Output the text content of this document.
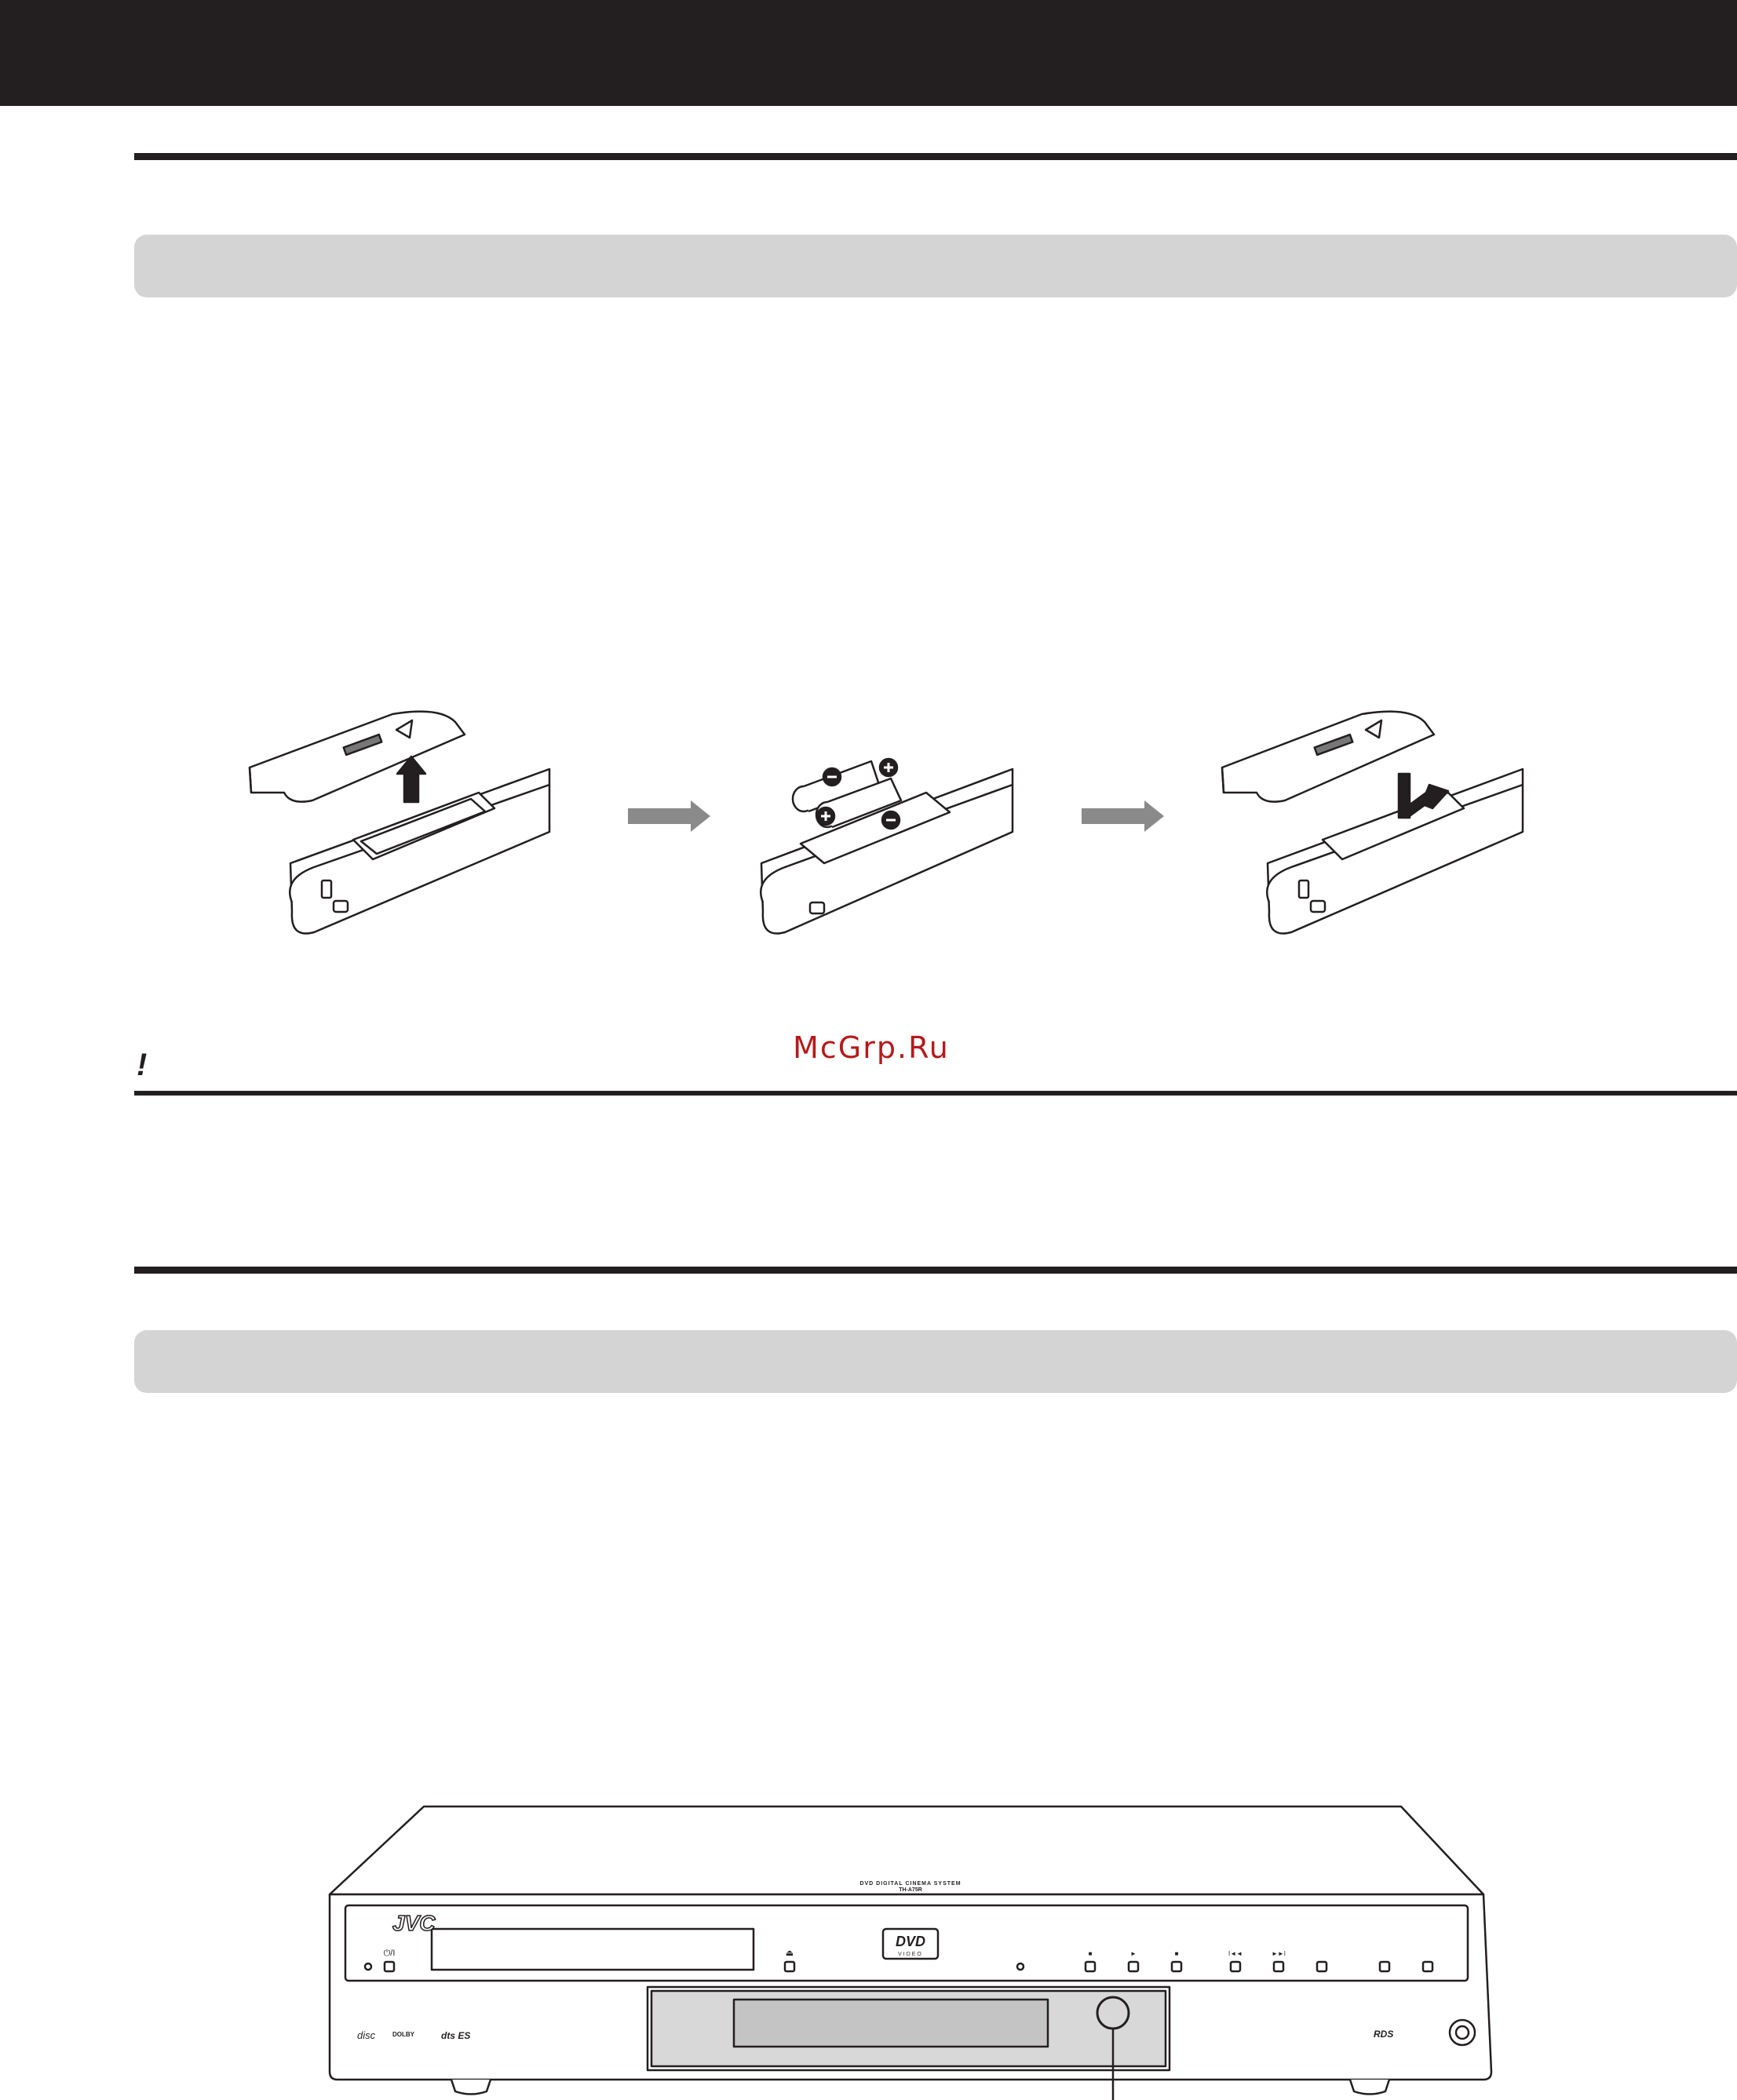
McGrp.Ru
!
JVC
DVD DIGITAL CINEMA SYSTEM
TH-A75R
DVD
VIDEO
⏻/I	⏏	■	►	■	I◄◄	►►I
disc	DOLBY	dts ES	RDS
